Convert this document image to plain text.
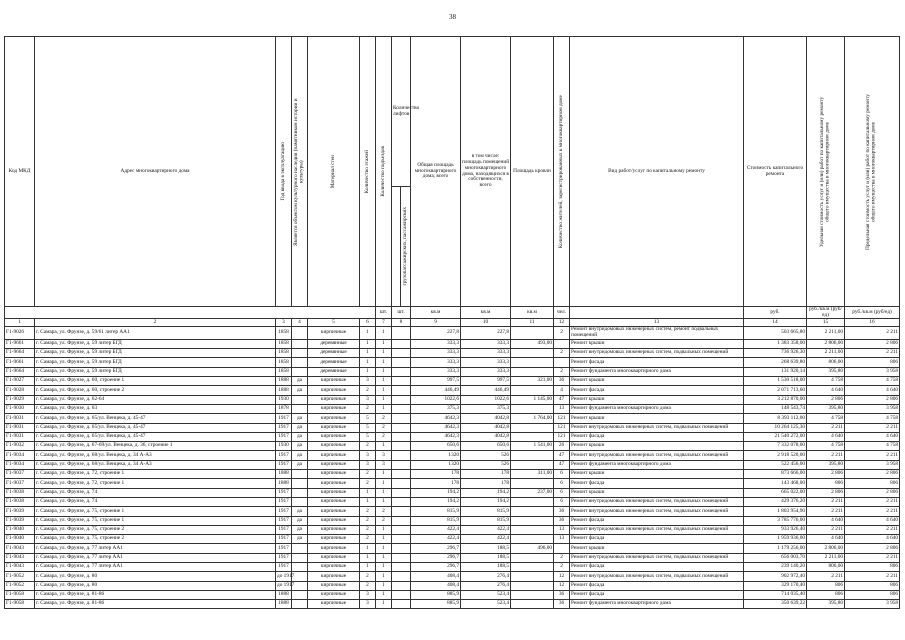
38
Код МКД	Адрес многоквартирного дома	Год ввода в эксплуатацию	Является объектом культурного наследия (памятником истории и культуры)	Материал стен	Количество этажей	Количество подъездов	Количество лифтов		Общая площадь многоквартирного дома, всего	в том числе: площадь помещений многоквартирного дома, находящихся в собственности, всего	Площадь кровли	Количество жителей, зарегистрированных в многоквартирном доме	Вид работ/услуг по капитальному ремонту	Стоимость капитального ремонта	Удельная стоимость услуг и (или) работ по капитальному ремонту общего имущества в многоквартирном доме	Предельная стоимость услуг и (или) работ по капитальному ремонту общего имущества в многоквартирном доме

								грузопассажирских, пассажирских								

						шт.	шт.		кв.м	кв.м	кв.м	чел.		руб.	руб./кв.м (руб/ед)	руб./кв.м (руб/ед)
1	2	3	4	5	6	7	8		9	10	11	12	13	14	15	16
Г1-9026	г. Самара, ул. Фрунзе, д. 59/61 литер АА1	1858		кирпичные	1	1			227,8	227,8		2	Ремонт внутридомовых инженерных систем, ремонт подвальных помещений	503 665,80	2 211,00	2 211
Г1-9661	г. Самара, ул. Фрунзе, д. 59 литер БГД	1858		деревянные	1	1			333,3	333,3	493,00		Ремонт крыши	1 383 358,00	2 806,00	2 806
Г1-9664	г. Самара, ул. Фрунзе, д. 59 литер БГД	1858		деревянные	1	1			333,3	333,3		2	Ремонт внутридомовых инженерных систем, подвальных помещений	736 926,30	2 211,00	2 211
Г1-9661	г. Самара, ул. Фрунзе, д. 59 литер БГД	1858		деревянные	1	1			333,3	333,3			Ремонт фасада	268 639,80	806,00	806
Г1-9664	г. Самара, ул. Фрунзе, д. 59 литер БГД	1858		деревянные	1	1			333,3	333,3		2	Ремонт фундамента многоквартирного дома	131 920,14	395,80	3 958
Г1-9027	г. Самара, ул. Фрунзе, д. 60, строение 1	1888	да	кирпичные	3	1			997,5	997,5	321,00	36	Ремонт крыши	1 530 518,00	4 758	4 758
Г1-9028	г. Самара, ул. Фрунзе, д. 60, строение 2	1888	да	кирпичные	2	1			446,49	446,49		4	Ремонт фасада	2 071 713,60	4 640	4 640
Г1-9029	г. Самара, ул. Фрунзе, д. 62-64	1930		кирпичные	3	1			1022,6	1022,6	1 145,00	47	Ремонт крыши	3 212 870,00	2 806	2 806
Г1-9030	г. Самара, ул. Фрунзе, д. 63	1878		кирпичные	2	1			375,3	375,3		13	Ремонт фундамента многоквартирного дома	148 543,74	395,80	3 958
Г1-9031	г. Самара, ул. Фрунзе, д. 65/ул. Венцека, д. 45-47	1917	да	кирпичные	5	2			4642,3	4042,8	1 764,00	121	Ремонт крыши	8 393 112,00	4 758	4 758
Г1-9031	г. Самара, ул. Фрунзе, д. 65/ул. Венцека, д. 45-47	1917	да	кирпичные	5	2			4642,3	4042,8		121	Ремонт внутридомовых инженерных систем, подвальных помещений	10 264 125,30	2 211	2 211
Г1-9031	г. Самара, ул. Фрунзе, д. 65/ул. Венцека, д. 45-47	1917	да	кирпичные	5	2			4642,3	4042,8		121	Ремонт фасада	21 540 272,00	4 640	4 640
Г1-9032	г. Самара, ул. Фрунзе, д. 67-69/ул. Венцека, д. 36, строение 1	1930	да	кирпичные	2	1			650,6	650,6	1 541,00	26	Ремонт крыши	7 332 078,00	4 758	4 758
Г1-9034	г. Самара, ул. Фрунзе, д. 68/ул. Венцека, д. 34 А-А3	1917	да	кирпичные	3	3			1320	526		47	Ремонт внутридомовых инженерных систем, подвальных помещений	2 918 520,00	2 211	2 211
Г1-9034	г. Самара, ул. Фрунзе, д. 68/ул. Венцека, д. 34 А-А3	1917	да	кирпичные	3	3			1320	526		47	Ремонт фундамента многоквартирного дома	522 456,00	395,80	3 958
Г1-9037	г. Самара, ул. Фрунзе, д. 72, строение 1	1888		кирпичные	2	1			178	178	311,00	6	Ремонт крыши	873 666,00	2 806	2 806
Г1-9037	г. Самара, ул. Фрунзе, д. 72, строение 1	1888		кирпичные	2	1			178	178		6	Ремонт фасада	143 468,00	806	806
Г1-9038	г. Самара, ул. Фрунзе, д. 74	1917		кирпичные	1	1			194,2	194,2	237,00	6	Ремонт крыши	665 022,00	2 806	2 806
Г1-9038	г. Самара, ул. Фрунзе, д. 74	1917		кирпичные	1	1			194,2	194,2		6	Ремонт внутридомовых инженерных систем, подвальных помещений	429 376,20	2 211	2 211
Г1-9039	г. Самара, ул. Фрунзе, д. 75, строение 1	1917	да	кирпичные	2	2			815,9	815,9		36	Ремонт внутридомовых инженерных систем, подвальных помещений	1 803 954,90	2 211	2 211
Г1-9039	г. Самара, ул. Фрунзе, д. 75, строение 1	1917	да	кирпичные	2	2			815,9	815,9		36	Ремонт фасада	3 785 776,00	4 640	4 640
Г1-9040	г. Самара, ул. Фрунзе, д. 75, строение 2	1917	да	кирпичные	2	1			422,4	422,4		13	Ремонт внутридомовых инженерных систем, подвальных помещений	933 926,40	2 211	2 211
Г1-9040	г. Самара, ул. Фрунзе, д. 75, строение 2	1917	да	кирпичные	2	1			422,4	422,4		13	Ремонт фасада	1 959 936,00	4 640	4 640
Г1-9043	г. Самара, ул. Фрунзе, д. 77 литер АА1	1917		кирпичные	1	1			296,7	188,5	496,00		Ремонт крыши	1 179 256,00	2 806,00	2 806
Г1-9043	г. Самара, ул. Фрунзе, д. 77 литер АА1	1917		кирпичные	1	1			296,7	188,5		2	Ремонт внутридомовых инженерных систем, подвальных помещений	656 003,70	2 211,00	2 211
Г1-9043	г. Самара, ул. Фрунзе, д. 77 литер АА1	1917		кирпичные	1	1			296,7	188,5		2	Ремонт фасада	239 140,20	806,00	806
Г1-9052	г. Самара, ул. Фрунзе, д. 80	до 1917		кирпичные	2	1			408,4	276,4		12	Ремонт внутридомовых инженерных систем, подвальных помещений	902 972,40	2 211	2 211
Г1-9052	г. Самара, ул. Фрунзе, д. 80	до 1917		кирпичные	2	1			408,4	276,4		12	Ремонт фасада	329 170,40	806	806
Г1-9058	г. Самара, ул. Фрунзе, д. 81-86	1888		кирпичные	3	1			885,9	523,4		36	Ремонт фасада	714 035,40	806	806
Г1-9058	г. Самара, ул. Фрунзе, д. 81-86	1888		кирпичные	3	1			885,9	523,4		36	Ремонт фундамента многоквартирного дома	350 639,22	395,80	3 958
